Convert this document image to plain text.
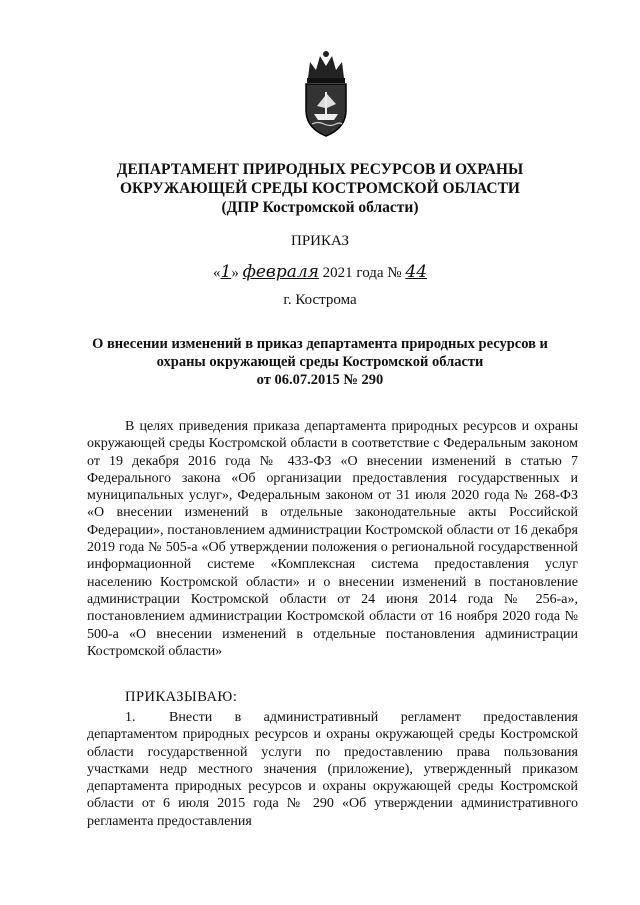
ДЕПАРТАМЕНТ ПРИРОДНЫХ РЕСУРСОВ И ОХРАНЫ
ОКРУЖАЮЩЕЙ СРЕДЫ КОСТРОМСКОЙ ОБЛАСТИ
(ДПР Костромской области)
ПРИКАЗ
«1» февраля 2021 года № 44
г. Кострома
О внесении изменений в приказ департамента природных ресурсов и
охраны окружающей среды Костромской области
от 06.07.2015 № 290
В целях приведения приказа департамента природных ресурсов и охраны окружающей среды Костромской области в соответствие с Федеральным законом от 19 декабря 2016 года № 433-ФЗ «О внесении изменений в статью 7 Федерального закона «Об организации предоставления государственных и муниципальных услуг», Федеральным законом от 31 июля 2020 года № 268-ФЗ «О внесении изменений в отдельные законодательные акты Российской Федерации», постановлением администрации Костромской области от 16 декабря 2019 года № 505-а «Об утверждении положения о региональной государственной информационной системе «Комплексная система предоставления услуг населению Костромской области» и о внесении изменений в постановление администрации Костромской области от 24 июня 2014 года № 256-а», постановлением администрации Костромской области от 16 ноября 2020 года № 500-а «О внесении изменений в отдельные постановления администрации Костромской области»
ПРИКАЗЫВАЮ:
1. Внести в административный регламент предоставления департаментом природных ресурсов и охраны окружающей среды Костромской области государственной услуги по предоставлению права пользования участками недр местного значения (приложение), утвержденный приказом департамента природных ресурсов и охраны окружающей среды Костромской области от 6 июля 2015 года № 290 «Об утверждении административного регламента предоставления
